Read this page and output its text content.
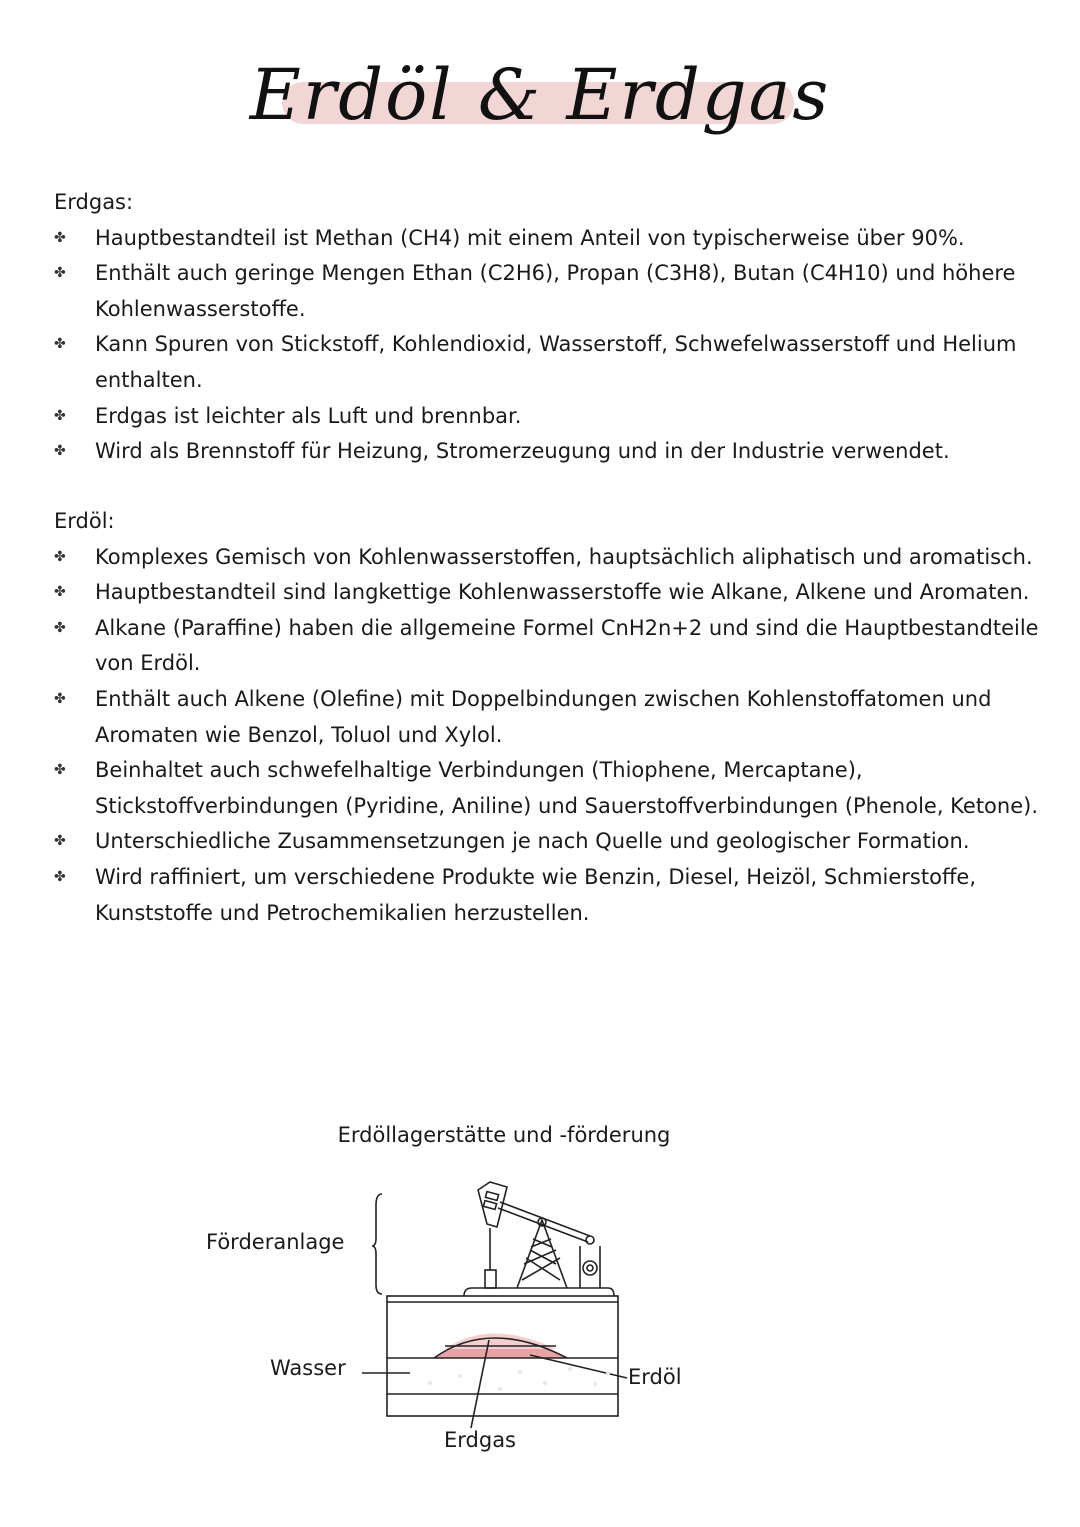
Erdöl & Erdgas
Erdgas:
✤ Hauptbestandteil ist Methan (CH4) mit einem Anteil von typischerweise über 90%.
✤ Enthält auch geringe Mengen Ethan (C2H6), Propan (C3H8), Butan (C4H10) und höhere Kohlenwasserstoffe.
✤ Kann Spuren von Stickstoff, Kohlendioxid, Wasserstoff, Schwefelwasserstoff und Helium enthalten.
✤ Erdgas ist leichter als Luft und brennbar.
✤ Wird als Brennstoff für Heizung, Stromerzeugung und in der Industrie verwendet.
Erdöl:
✤ Komplexes Gemisch von Kohlenwasserstoffen, hauptsächlich aliphatisch und aromatisch.
✤ Hauptbestandteil sind langkettige Kohlenwasserstoffe wie Alkane, Alkene und Aromaten.
✤ Alkane (Paraffine) haben die allgemeine Formel CnH2n+2 und sind die Hauptbestandteile von Erdöl.
✤ Enthält auch Alkene (Olefine) mit Doppelbindungen zwischen Kohlenstoffatomen und Aromaten wie Benzol, Toluol und Xylol.
✤ Beinhaltet auch schwefelhaltige Verbindungen (Thiophene, Mercaptane), Stickstoffverbindungen (Pyridine, Aniline) und Sauerstoffverbindungen (Phenole, Ketone).
✤ Unterschiedliche Zusammensetzungen je nach Quelle und geologischer Formation.
✤ Wird raffiniert, um verschiedene Produkte wie Benzin, Diesel, Heizöl, Schmierstoffe, Kunststoffe und Petrochemikalien herzustellen.
Erdöllagerstätte und -förderung
Förderanlage
Wasser	Erdöl
Erdgas
